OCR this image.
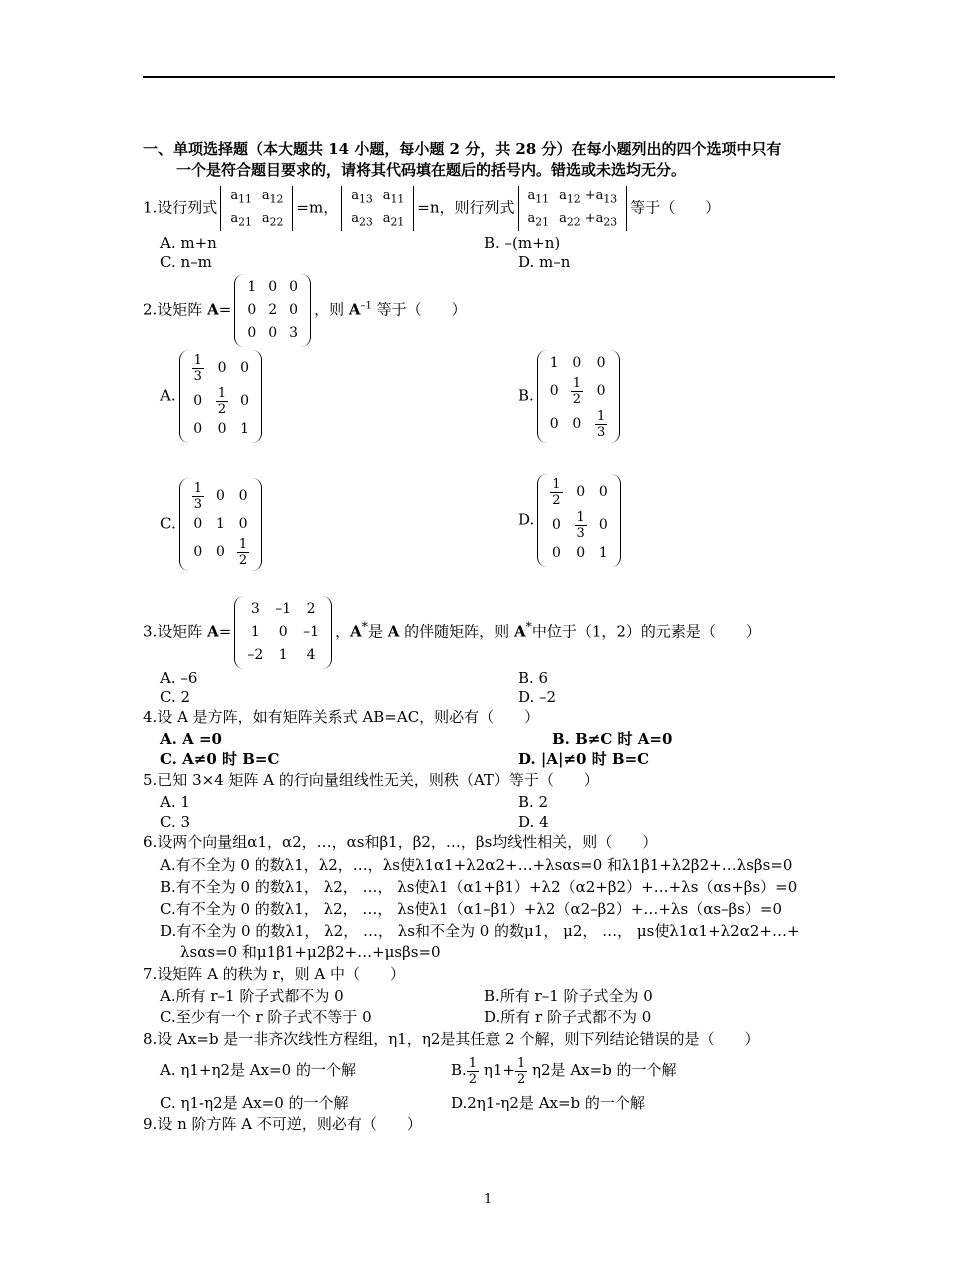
一、单项选择题（本大题共 14 小题，每小题 2 分，共 28 分）在每小题列出的四个选项中只有
一个是符合题目要求的，请将其代码填在题后的括号内。错选或未选均无分。
1.设行列式
$a_{11}$	$a_{12}$
$a_{21}$	$a_{22}$
=m，
$a_{13}$	$a_{11}$
$a_{23}$	$a_{21}$
=n，则行列式
$a_{11}$	$a_{12} +a_{13}$
$a_{21}$	$a_{22} +a_{23}$
等于（　　）
A. m+n	B. –(m+n)
C. n–m	D. m–n
2.设矩阵 A=
1	0	0
0	2	0
0	0	3
，则 $A^{-1}$ 等于（　　）
A.
$\frac{1}{3}$	0	0
0	$\frac{1}{2}$	0
0	0	1
B.
1	0	0
0	$\frac{1}{2}$	0
0	0	$\frac{1}{3}$
C.
$\frac{1}{3}$	0	0
0	1	0
0	0	$\frac{1}{2}$
D.
$\frac{1}{2}$	0	0
0	$\frac{1}{3}$	0
0	0	1
3.设矩阵 A=
3	–1	2
1	0	–1
–2	1	4
，A*是 A 的伴随矩阵，则 A*中位于（1，2）的元素是（　　）
A. –6	B. 6
C. 2	D. –2
4.设 A 是方阵，如有矩阵关系式 AB=AC，则必有（　　）
A. A =0	B. B≠C 时 A=0
C. A≠0 时 B=C	D. |A|≠0 时 B=C
5.已知 3×4 矩阵 A 的行向量组线性无关，则秩（AT）等于（　　）
A. 1	B. 2
C. 3	D. 4
6.设两个向量组α1，α2，…，αs和β1，β2，…，βs均线性相关，则（　　）
A.有不全为 0 的数λ1，λ2，…，λs使λ1α1+λ2α2+…+λsαs=0 和λ1β1+λ2β2+…λsβs=0
B.有不全为 0 的数λ1， λ2， …， λs使λ1（α1+β1）+λ2（α2+β2）+…+λs（αs+βs）=0
C.有不全为 0 的数λ1， λ2， …， λs使λ1（α1–β1）+λ2（α2–β2）+…+λs（αs–βs）=0
D.有不全为 0 的数λ1， λ2， …， λs和不全为 0 的数μ1， μ2， …， μs使λ1α1+λ2α2+…+
λsαs=0 和μ1β1+μ2β2+…+μsβs=0
7.设矩阵 A 的秩为 r，则 A 中（　　）
A.所有 r–1 阶子式都不为 0	B.所有 r–1 阶子式全为 0
C.至少有一个 r 阶子式不等于 0	D.所有 r 阶子式都不为 0
8.设 Ax=b 是一非齐次线性方程组，η1，η2是其任意 2 个解，则下列结论错误的是（　　）
A. η1+η2是 Ax=0 的一个解	B. $\frac{1}{2} \eta 1+ \frac{1}{2} \eta 2$是 Ax=b 的一个解
C. η1-η2是 Ax=0 的一个解	D.2η1-η2是 Ax=b 的一个解
9.设 n 阶方阵 A 不可逆，则必有（　　）
1
